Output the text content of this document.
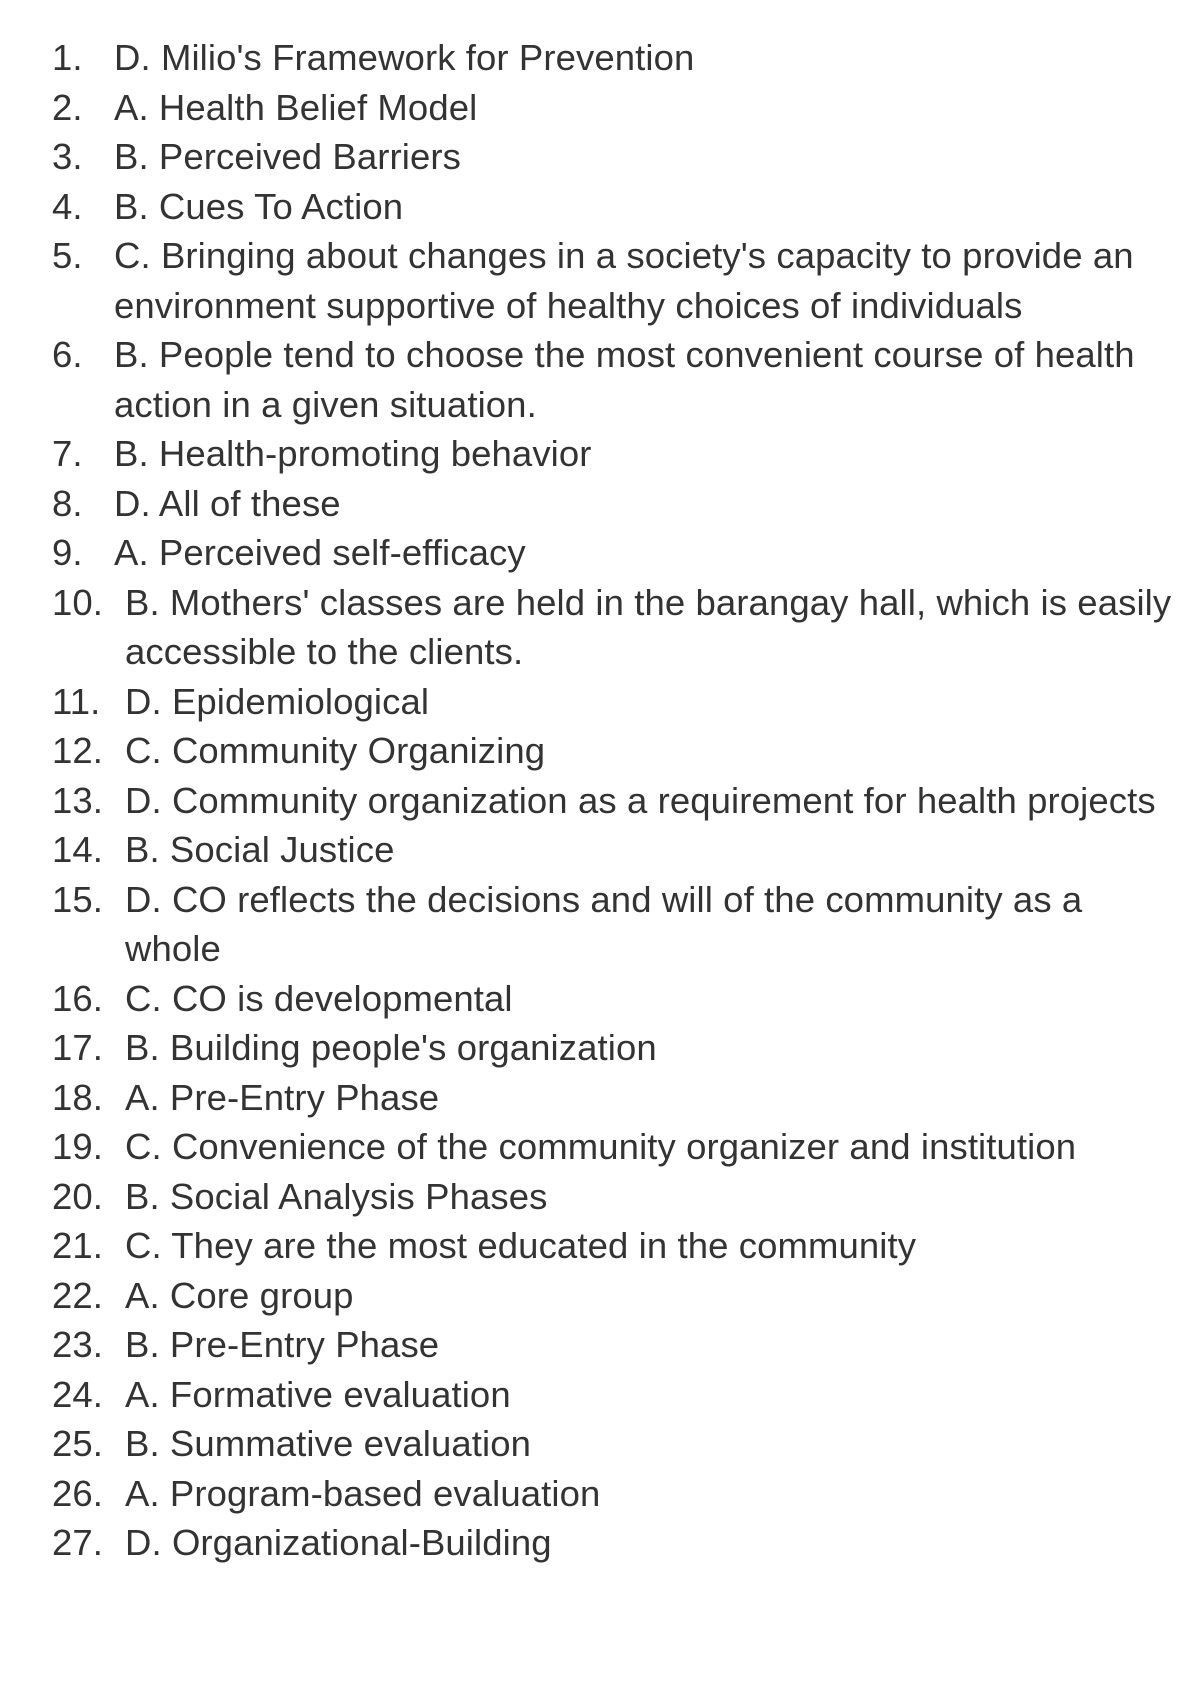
1. D. Milio's Framework for Prevention
2. A. Health Belief Model
3. B. Perceived Barriers
4. B. Cues To Action
5. C. Bringing about changes in a society's capacity to provide an environment supportive of healthy choices of individuals
6. B. People tend to choose the most convenient course of health action in a given situation.
7. B. Health-promoting behavior
8. D. All of these
9. A. Perceived self-efficacy
10. B. Mothers' classes are held in the barangay hall, which is easily accessible to the clients.
11. D. Epidemiological
12. C. Community Organizing
13. D. Community organization as a requirement for health projects
14. B. Social Justice
15. D. CO reflects the decisions and will of the community as a whole
16. C. CO is developmental
17. B. Building people's organization
18. A. Pre-Entry Phase
19. C. Convenience of the community organizer and institution
20. B. Social Analysis Phases
21. C. They are the most educated in the community
22. A. Core group
23. B. Pre-Entry Phase
24. A. Formative evaluation
25. B. Summative evaluation
26. A. Program-based evaluation
27. D. Organizational-Building
